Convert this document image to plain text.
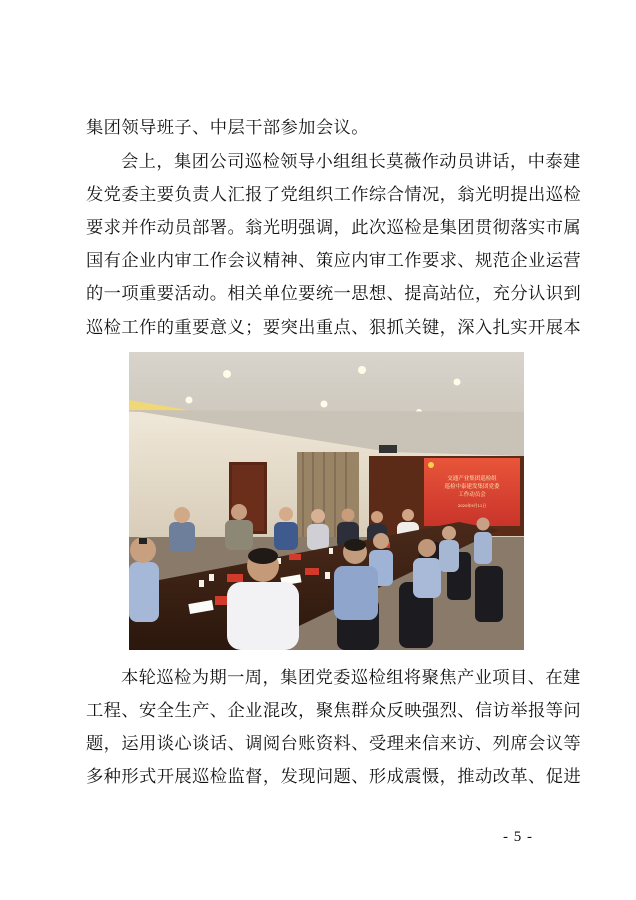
集团领导班子、中层干部参加会议。
会上，集团公司巡检领导小组组长莫薇作动员讲话，中泰建
发党委主要负责人汇报了党组织工作综合情况，翁光明提出巡检
要求并作动员部署。翁光明强调，此次巡检是集团贯彻落实市属
国有企业内审工作会议精神、策应内审工作要求、规范企业运营
的一项重要活动。相关单位要统一思想、提高站位，充分认识到
巡检工作的重要意义；要突出重点、狠抓关键，深入扎实开展本
交通产业集团巡检组
巡检中泰建发集团党委
工作动员会
2020年9月11日
本轮巡检为期一周，集团党委巡检组将聚焦产业项目、在建
工程、安全生产、企业混改，聚焦群众反映强烈、信访举报等问
题，运用谈心谈话、调阅台账资料、受理来信来访、列席会议等
多种形式开展巡检监督，发现问题、形成震慑，推动改革、促进
- 5 -
